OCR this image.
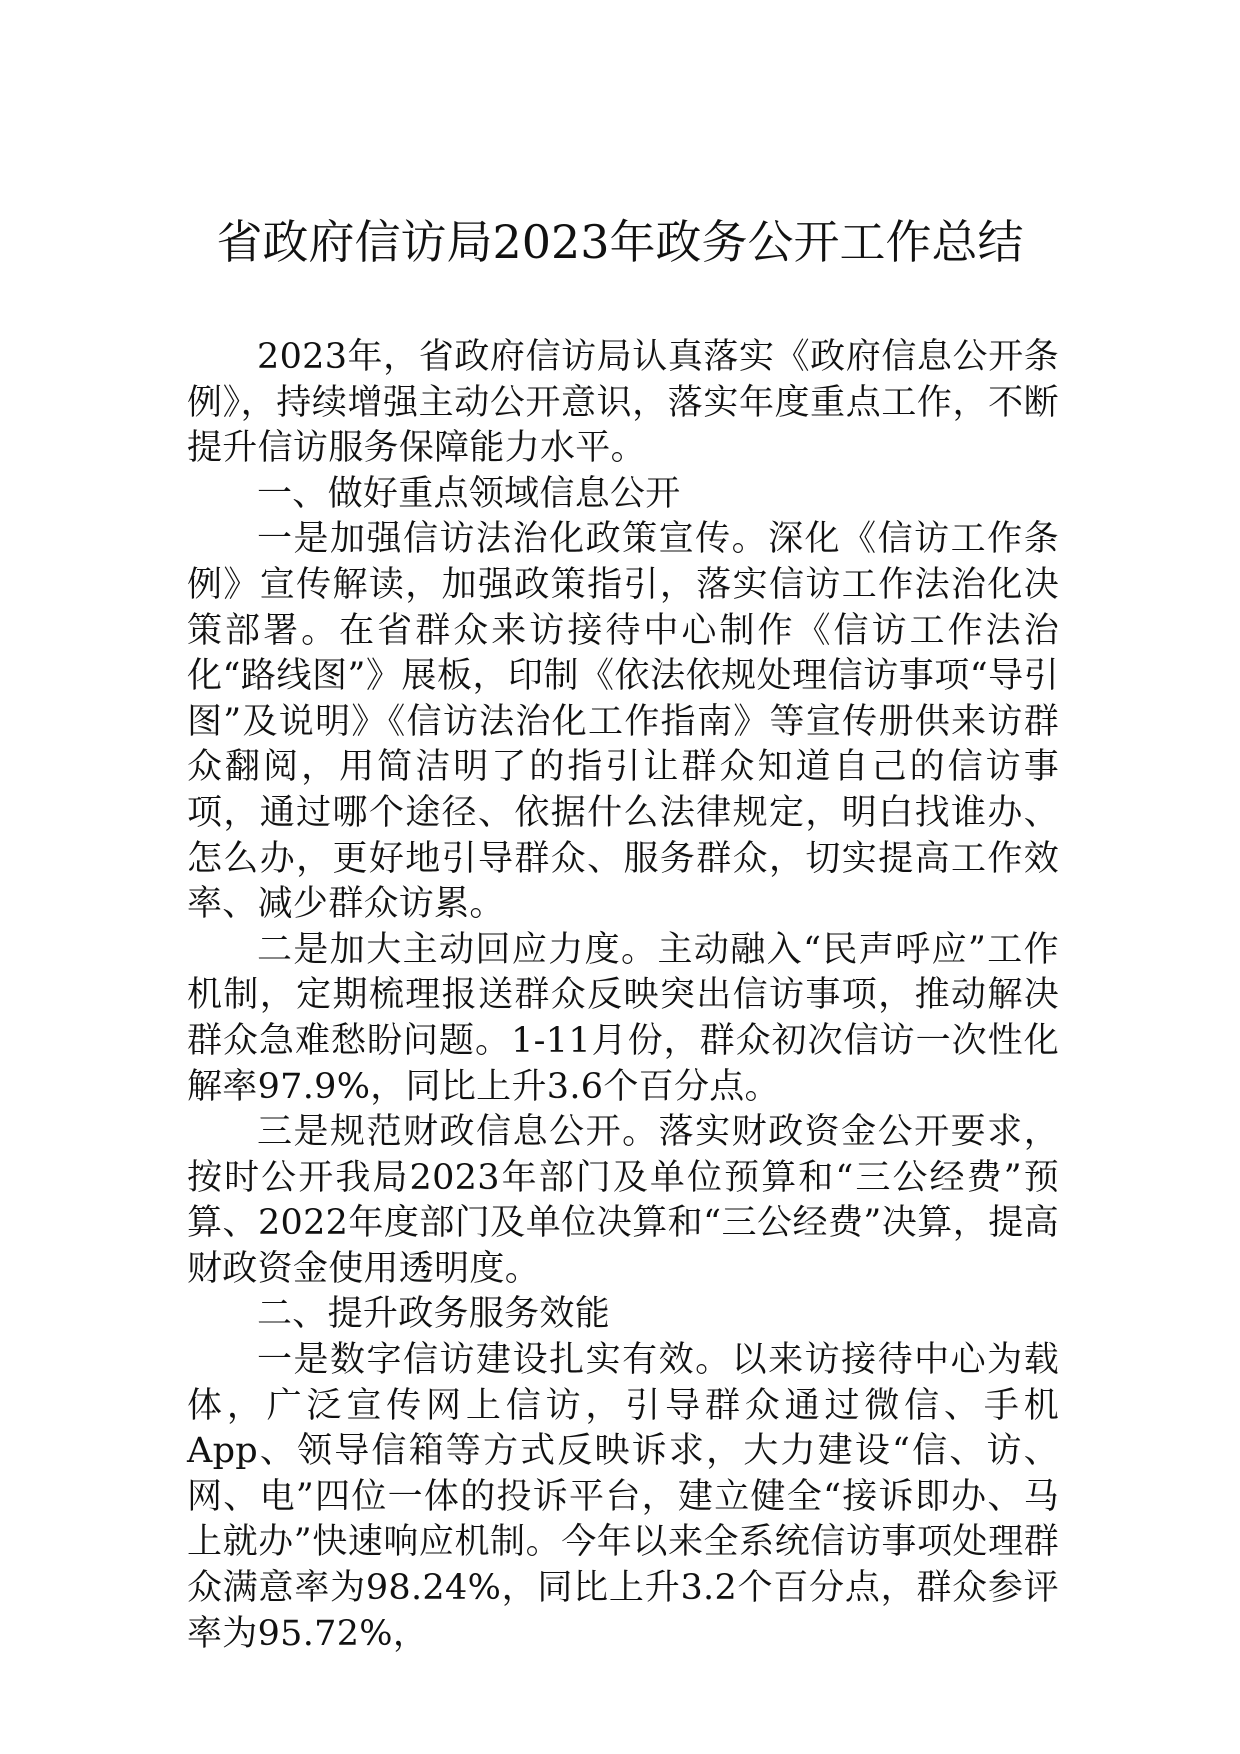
省政府信访局2023年政务公开工作总结

2023年，省政府信访局认真落实《政府信息公开条例》，持续增强主动公开意识，落实年度重点工作，不断提升信访服务保障能力水平。

一、做好重点领域信息公开

一是加强信访法治化政策宣传。深化《信访工作条例》宣传解读，加强政策指引，落实信访工作法治化决策部署。在省群众来访接待中心制作《信访工作法治化“路线图”》展板，印制《依法依规处理信访事项“导引图”及说明》《信访法治化工作指南》等宣传册供来访群众翻阅，用简洁明了的指引让群众知道自己的信访事项，通过哪个途径、依据什么法律规定，明白找谁办、怎么办，更好地引导群众、服务群众，切实提高工作效率、减少群众访累。

二是加大主动回应力度。主动融入“民声呼应”工作机制，定期梳理报送群众反映突出信访事项，推动解决群众急难愁盼问题。1-11月份，群众初次信访一次性化解率97.9%，同比上升3.6个百分点。

三是规范财政信息公开。落实财政资金公开要求，按时公开我局2023年部门及单位预算和“三公经费”预算、2022年度部门及单位决算和“三公经费”决算，提高财政资金使用透明度。

二、提升政务服务效能

一是数字信访建设扎实有效。以来访接待中心为载体，广泛宣传网上信访，引导群众通过微信、手机App、领导信箱等方式反映诉求，大力建设“信、访、网、电”四位一体的投诉平台，建立健全“接诉即办、马上就办”快速响应机制。今年以来全系统信访事项处理群众满意率为98.24%，同比上升3.2个百分点，群众参评率为95.72%，
